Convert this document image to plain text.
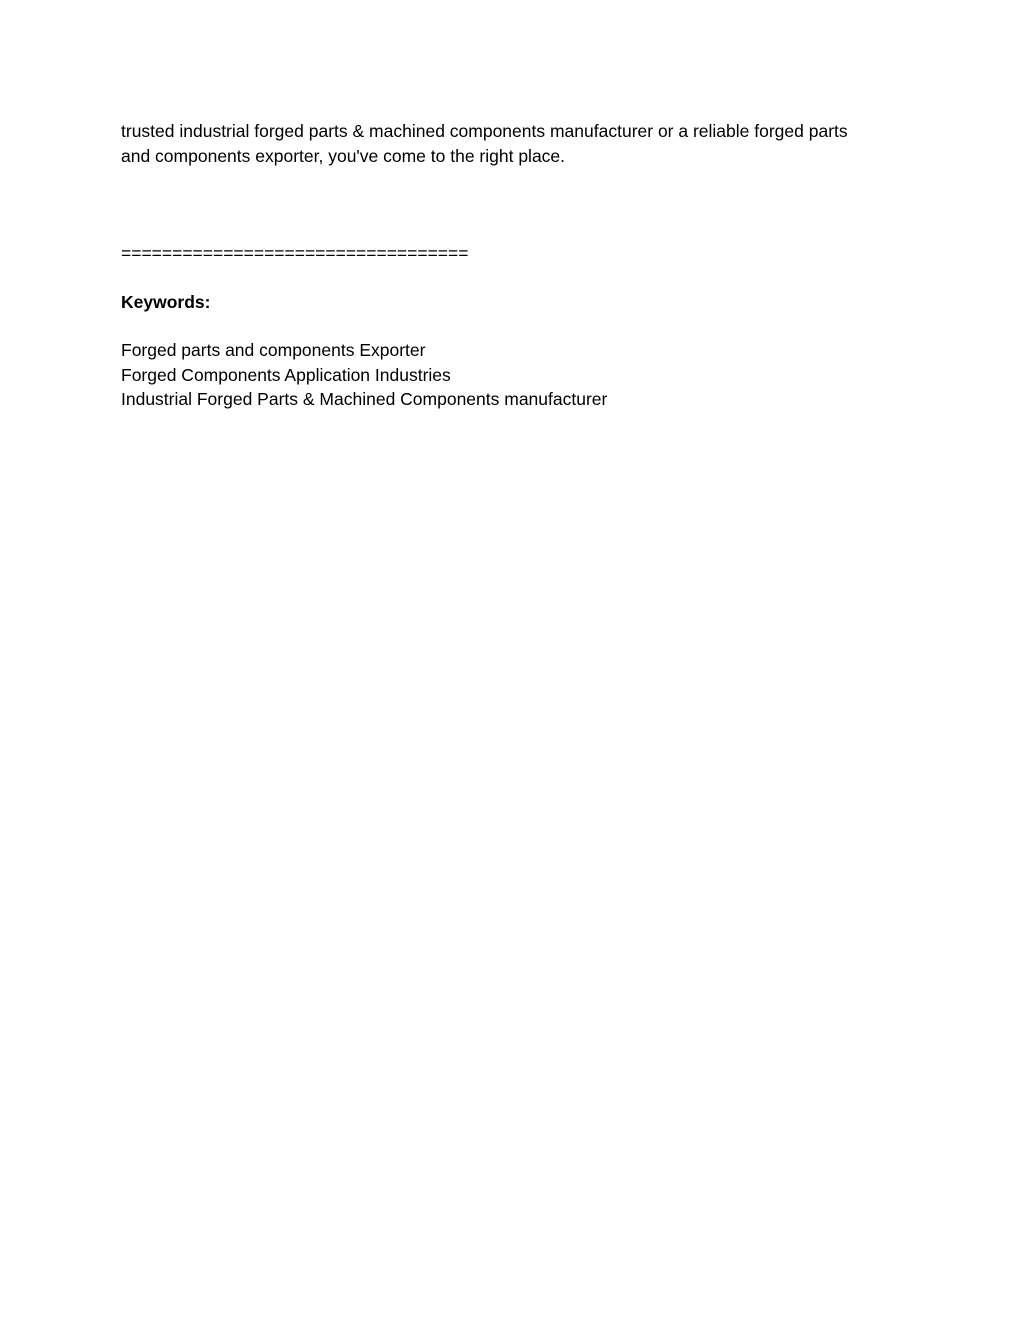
trusted industrial forged parts & machined components manufacturer or a reliable forged parts
and components exporter, you've come to the right place.

==================================
Keywords:
Forged parts and components Exporter
Forged Components Application Industries
Industrial Forged Parts & Machined Components manufacturer
